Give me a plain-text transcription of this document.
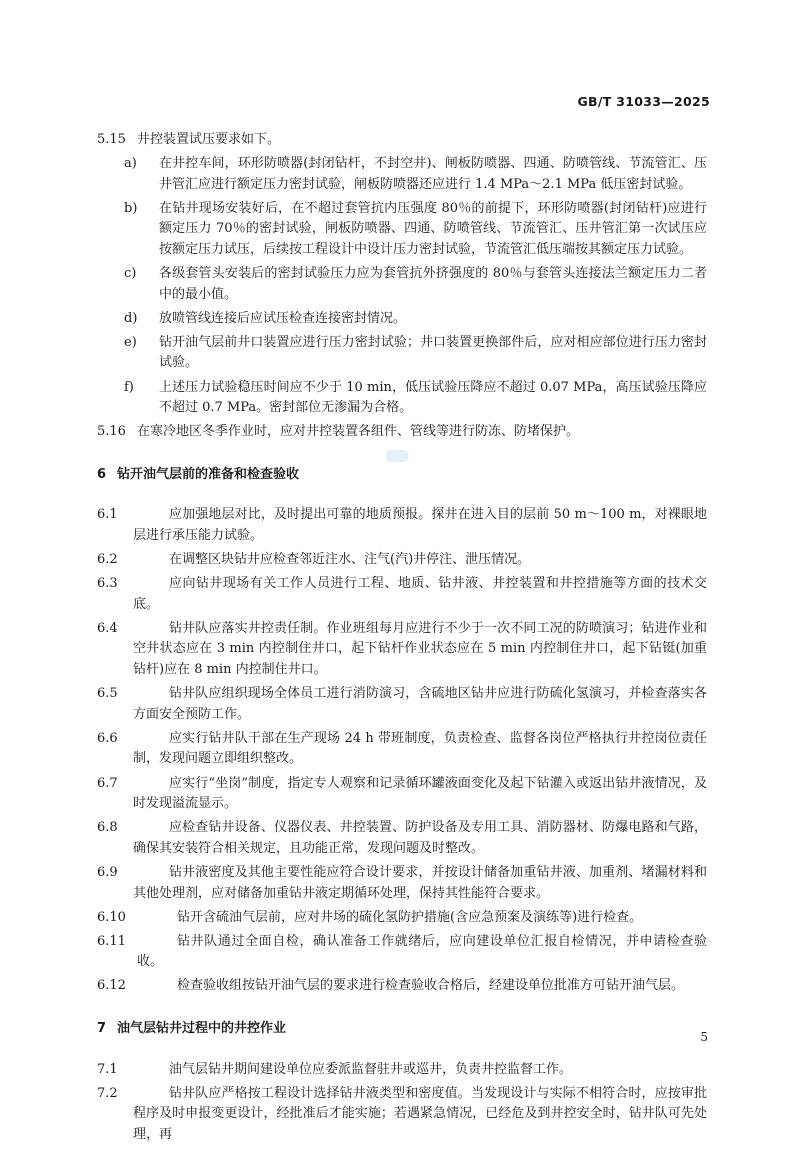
GB/T 31033—2025
5.15 井控装置试压要求如下。
a) 在井控车间，环形防喷器(封闭钻杆，不封空井)、闸板防喷器、四通、防喷管线、节流管汇、压井管汇应进行额定压力密封试验，闸板防喷器还应进行 1.4 MPa～2.1 MPa 低压密封试验。
b) 在钻井现场安装好后，在不超过套管抗内压强度 80％的前提下，环形防喷器(封闭钻杆)应进行额定压力 70％的密封试验，闸板防喷器、四通、防喷管线、节流管汇、压井管汇第一次试压应按额定压力试压，后续按工程设计中设计压力密封试验，节流管汇低压端按其额定压力试验。
c) 各级套管头安装后的密封试验压力应为套管抗外挤强度的 80％与套管头连接法兰额定压力二者中的最小值。
d) 放喷管线连接后应试压检查连接密封情况。
e) 钻开油气层前井口装置应进行压力密封试验；井口装置更换部件后，应对相应部位进行压力密封试验。
f) 上述压力试验稳压时间应不少于 10 min，低压试验压降应不超过 0.07 MPa，高压试验压降应不超过 0.7 MPa。密封部位无渗漏为合格。
5.16 在寒冷地区冬季作业时，应对井控装置各组件、管线等进行防冻、防堵保护。
6 钻开油气层前的准备和检查验收
6.1	应加强地层对比，及时提出可靠的地质预报。探井在进入目的层前 50 m～100 m，对裸眼地层进行承压能力试验。
6.2	在调整区块钻井应检查邻近注水、注气(汽)井停注、泄压情况。
6.3	应向钻井现场有关工作人员进行工程、地质、钻井液、井控装置和井控措施等方面的技术交底。
6.4	钻井队应落实井控责任制。作业班组每月应进行不少于一次不同工况的防喷演习；钻进作业和空井状态应在 3 min 内控制住井口，起下钻杆作业状态应在 5 min 内控制住井口，起下钻铤(加重钻杆)应在 8 min 内控制住井口。
6.5	钻井队应组织现场全体员工进行消防演习，含硫地区钻井应进行防硫化氢演习，并检查落实各方面安全预防工作。
6.6	应实行钻井队干部在生产现场 24 h 带班制度，负责检查、监督各岗位严格执行井控岗位责任制，发现问题立即组织整改。
6.7	应实行“坐岗”制度，指定专人观察和记录循环罐液面变化及起下钻灌入或返出钻井液情况，及时发现溢流显示。
6.8	应检查钻井设备、仪器仪表、井控装置、防护设备及专用工具、消防器材、防爆电路和气路，确保其安装符合相关规定，且功能正常，发现问题及时整改。
6.9	钻井液密度及其他主要性能应符合设计要求，并按设计储备加重钻井液、加重剂、堵漏材料和其他处理剂，应对储备加重钻井液定期循环处理，保持其性能符合要求。
6.10	钻开含硫油气层前，应对井场的硫化氢防护措施(含应急预案及演练等)进行检查。
6.11	钻井队通过全面自检，确认准备工作就绪后，应向建设单位汇报自检情况，并申请检查验收。
6.12	检查验收组按钻开油气层的要求进行检查验收合格后，经建设单位批准方可钻开油气层。
7 油气层钻井过程中的井控作业
7.1	油气层钻井期间建设单位应委派监督驻井或巡井，负责井控监督工作。
7.2	钻井队应严格按工程设计选择钻井液类型和密度值。当发现设计与实际不相符合时，应按审批程序及时申报变更设计，经批准后才能实施；若遇紧急情况，已经危及到井控安全时，钻井队可先处理，再
5
